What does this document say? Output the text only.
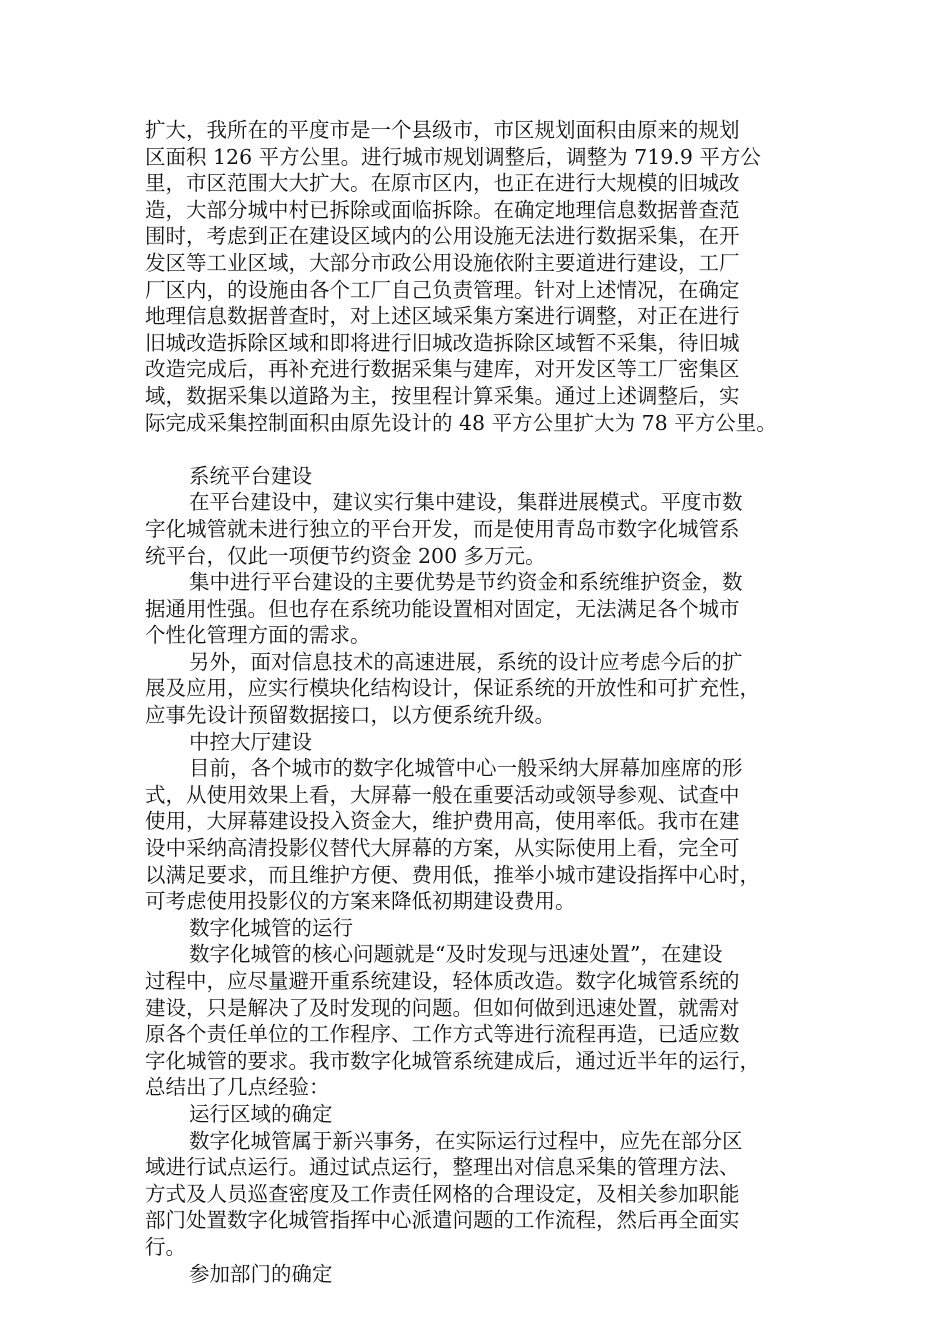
扩大，我所在的平度市是一个县级市，市区规划面积由原来的规划
区面积 126 平方公里。进行城市规划调整后，调整为 719.9 平方公
里，市区范围大大扩大。在原市区内，也正在进行大规模的旧城改
造，大部分城中村已拆除或面临拆除。在确定地理信息数据普查范
围时，考虑到正在建设区域内的公用设施无法进行数据采集，在开
发区等工业区域，大部分市政公用设施依附主要道进行建设，工厂
厂区内，的设施由各个工厂自己负责管理。针对上述情况，在确定
地理信息数据普查时，对上述区域采集方案进行调整，对正在进行
旧城改造拆除区域和即将进行旧城改造拆除区域暂不采集，待旧城
改造完成后，再补充进行数据采集与建库，对开发区等工厂密集区
域，数据采集以道路为主，按里程计算采集。通过上述调整后，实
际完成采集控制面积由原先设计的 48 平方公里扩大为 78 平方公里。
系统平台建设
在平台建设中，建议实行集中建设，集群进展模式。平度市数
字化城管就未进行独立的平台开发，而是使用青岛市数字化城管系
统平台，仅此一项便节约资金 200 多万元。
集中进行平台建设的主要优势是节约资金和系统维护资金，数
据通用性强。但也存在系统功能设置相对固定，无法满足各个城市
个性化管理方面的需求。
另外，面对信息技术的高速进展，系统的设计应考虑今后的扩
展及应用，应实行模块化结构设计，保证系统的开放性和可扩充性，
应事先设计预留数据接口，以方便系统升级。
中控大厅建设
目前，各个城市的数字化城管中心一般采纳大屏幕加座席的形
式，从使用效果上看，大屏幕一般在重要活动或领导参观、试查中
使用，大屏幕建设投入资金大，维护费用高，使用率低。我市在建
设中采纳高清投影仪替代大屏幕的方案，从实际使用上看，完全可
以满足要求，而且维护方便、费用低，推举小城市建设指挥中心时，
可考虑使用投影仪的方案来降低初期建设费用。
数字化城管的运行
数字化城管的核心问题就是“及时发现与迅速处置”，在建设
过程中，应尽量避开重系统建设，轻体质改造。数字化城管系统的
建设，只是解决了及时发现的问题。但如何做到迅速处置，就需对
原各个责任单位的工作程序、工作方式等进行流程再造，已适应数
字化城管的要求。我市数字化城管系统建成后，通过近半年的运行，
总结出了几点经验：
运行区域的确定
数字化城管属于新兴事务，在实际运行过程中，应先在部分区
域进行试点运行。通过试点运行，整理出对信息采集的管理方法、
方式及人员巡查密度及工作责任网格的合理设定，及相关参加职能
部门处置数字化城管指挥中心派遣问题的工作流程，然后再全面实
行。
参加部门的确定
